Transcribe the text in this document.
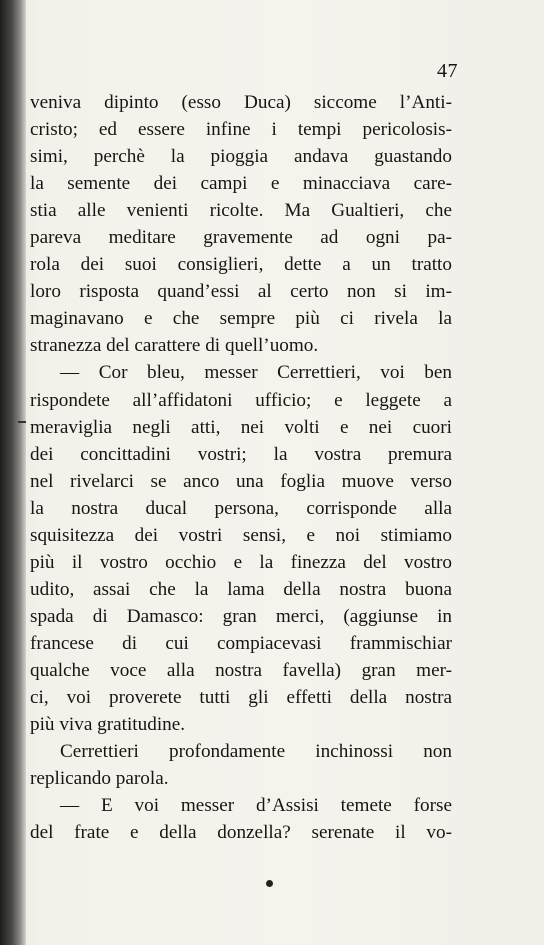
47
veniva dipinto (esso Duca) siccome l’Anti-
cristo; ed essere infine i tempi pericolosis-
simi, perchè la pioggia andava guastando
la semente dei campi e minacciava care-
stia alle venienti ricolte. Ma Gualtieri, che
pareva meditare gravemente ad ogni pa-
rola dei suoi consiglieri, dette a un tratto
loro risposta quand’essi al certo non si im-
maginavano e che sempre più ci rivela la
stranezza del carattere di quell’uomo.
— Cor bleu, messer Cerrettieri, voi ben
rispondete all’affidatoni ufficio; e leggete a
meraviglia negli atti, nei volti e nei cuori
dei concittadini vostri; la vostra premura
nel rivelarci se anco una foglia muove verso
la nostra ducal persona, corrisponde alla
squisitezza dei vostri sensi, e noi stimiamo
più il vostro occhio e la finezza del vostro
udito, assai che la lama della nostra buona
spada di Damasco: gran merci, (aggiunse in
francese di cui compiacevasi frammischiar
qualche voce alla nostra favella) gran mer-
ci, voi proverete tutti gli effetti della nostra
più viva gratitudine.
Cerrettieri profondamente inchinossi non
replicando parola.
— E voi messer d’Assisi temete forse
del frate e della donzella? serenate il vo-
